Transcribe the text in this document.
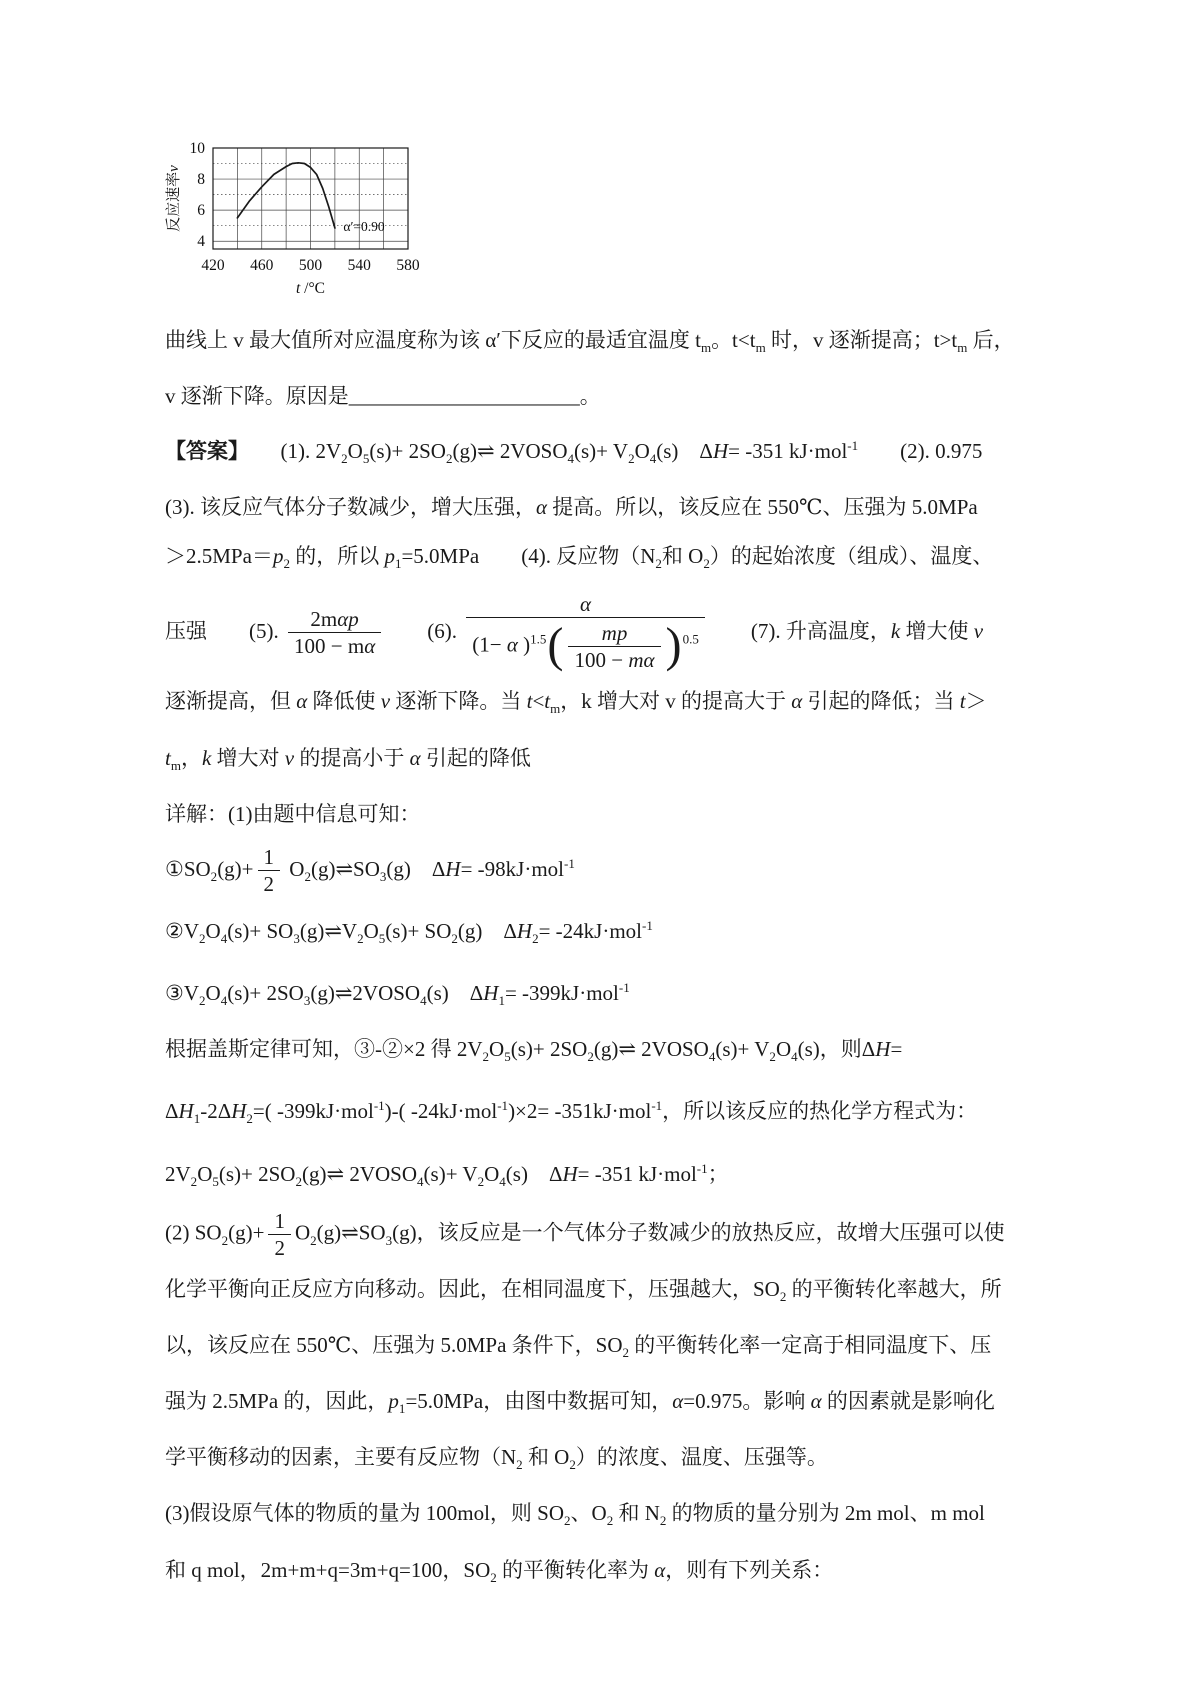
420 460 500 540 580
4
6
8
10
t /°C
反应速率v
α′=0.90
曲线上 v 最大值所对应温度称为该 α′下反应的最适宜温度 $t_m$。$t<t_m$ 时，v 逐渐提高；$t>t_m$ 后，
v 逐渐下降。原因是______________________。
【答案】　　(1). $2V_2O_5(s)+$ $2SO_2(g)\rightleftharpoons$ $2VOSO_4(s)+ V_2O_4(s)$　ΔH= -351 kJ·mol$^{-1}$　　(2). 0.975
(3). 该反应气体分子数减少，增大压强，α 提高。所以，该反应在 550℃、压强为 5.0MPa
$>2.5MPa=p_2$ 的，所以 $p_1=5.0MPa$　　(4). 反应物（$N_2$和 $O_2$）的起始浓度（组成）、温度、
压强　　(5). $\frac{\text{2mαp}}{100 - m\alpha}$ 　　(6). $\frac{\alpha}{(1- \alpha )^{1.5}( \frac{mp}{100 - m\alpha} )^{0.5}}$ 　　(7). 升高温度，k 增大使 v
逐渐提高，但 α 降低使 v 逐渐下降。当 $t<t_m$，k 增大对 v 的提高大于 α 引起的降低；当 t＞
$t_m$，k 增大对 v 的提高小于 α 引起的降低
详解：(1)由题中信息可知：
$①SO_2(g)+ \frac{1}{2}$ $O_2(g)\rightleftharpoons SO_3(g)$　ΔH= -98kJ·mol$^{-1}$
$②V_2O_4(s)+$ $SO_3(g)\rightleftharpoons V_2O_5(s)+ SO_2(g)$　$\Delta H_2= -24kJ\cdot mol^{-1}$
$③V_2O_4(s)+$ $2SO_3(g)\rightleftharpoons 2VOSO_4(s)$　$\Delta H_1= -399kJ\cdot mol^{-1}$
根据盖斯定律可知，③-②×2 得 $2V_2O_5(s)+$ $2SO_2(g)\rightleftharpoons$ $2VOSO_4(s)+ V_2O_4(s)$，则ΔH=
$\Delta H_1-2\Delta H_2=$( -399kJ·mol$^{-1}$)-( -24kJ·mol$^{-1}$)×2= -351kJ·mol$^{-1}$，所以该反应的热化学方程式为：
$2V_2O_5(s)+$ $2SO_2(g)\rightleftharpoons$ $2VOSO_4(s)+ V_2O_4(s)$　ΔH= -351 kJ·mol$^{-1}$；
(2) $SO_2(g)+ \frac{1}{2}$ $O_2(g)\rightleftharpoons SO_3(g)$，该反应是一个气体分子数减少的放热反应，故增大压强可以使
化学平衡向正反应方向移动。因此，在相同温度下，压强越大，$SO_2$ 的平衡转化率越大，所
以，该反应在 550℃、压强为 5.0MPa 条件下，$SO_2$ 的平衡转化率一定高于相同温度下、压
强为 2.5MPa 的，因此，$p_1=5.0MPa$，由图中数据可知，α=0.975。影响 α 的因素就是影响化
学平衡移动的因素，主要有反应物（$N_2$ 和 $O_2$）的浓度、温度、压强等。
(3)假设原气体的物质的量为 100mol，则 $SO_2$、$O_2$ 和 $N_2$ 的物质的量分别为 2m mol、m mol
和 q mol，2m+m+q=3m+q=100，$SO_2$ 的平衡转化率为 α，则有下列关系：
